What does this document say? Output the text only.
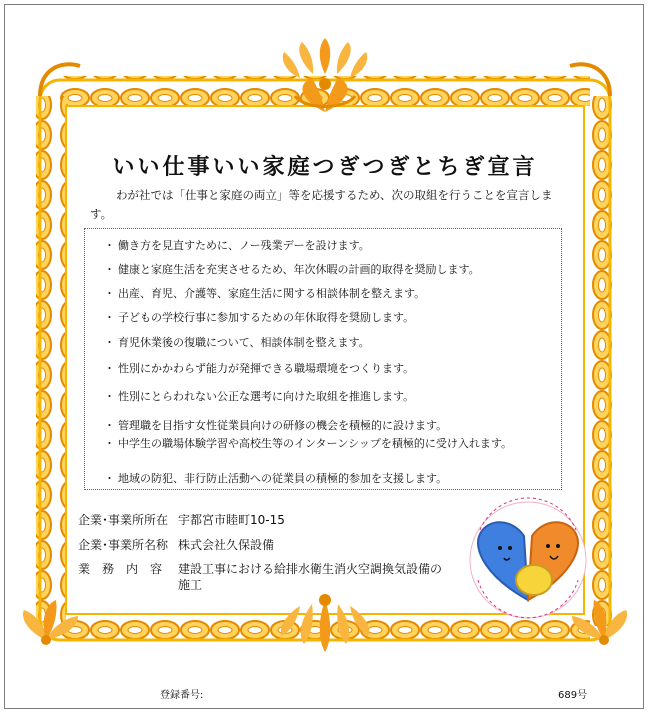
いい仕事いい家庭つぎつぎとちぎ宣言
わが社では「仕事と家庭の両立」等を応援するため、次の取組を行うことを宣言します。
・ 働き方を見直すために、ノー残業デーを設けます。
・ 健康と家庭生活を充実させるため、年次休暇の計画的取得を奨励します。
・ 出産、育児、介護等、家庭生活に関する相談体制を整えます。
・ 子どもの学校行事に参加するための年休取得を奨励します。
・ 育児休業後の復職について、相談体制を整えます。
・ 性別にかかわらず能力が発揮できる職場環境をつくります。
・ 性別にとらわれない公正な選考に向けた取組を推進します。
・ 管理職を目指す女性従業員向けの研修の機会を積極的に設けます。
・ 中学生の職場体験学習や高校生等のインターンシップを積極的に受け入れます。
・ 地域の防犯、非行防止活動への従業員の積極的参加を支援します。
企業･事業所所在 宇都宮市睦町10-15
企業･事業所名称 株式会社久保設備
業　務　内　容 建設工事における給排水衛生消火空調換気設備の施工
登録番号:	689号
